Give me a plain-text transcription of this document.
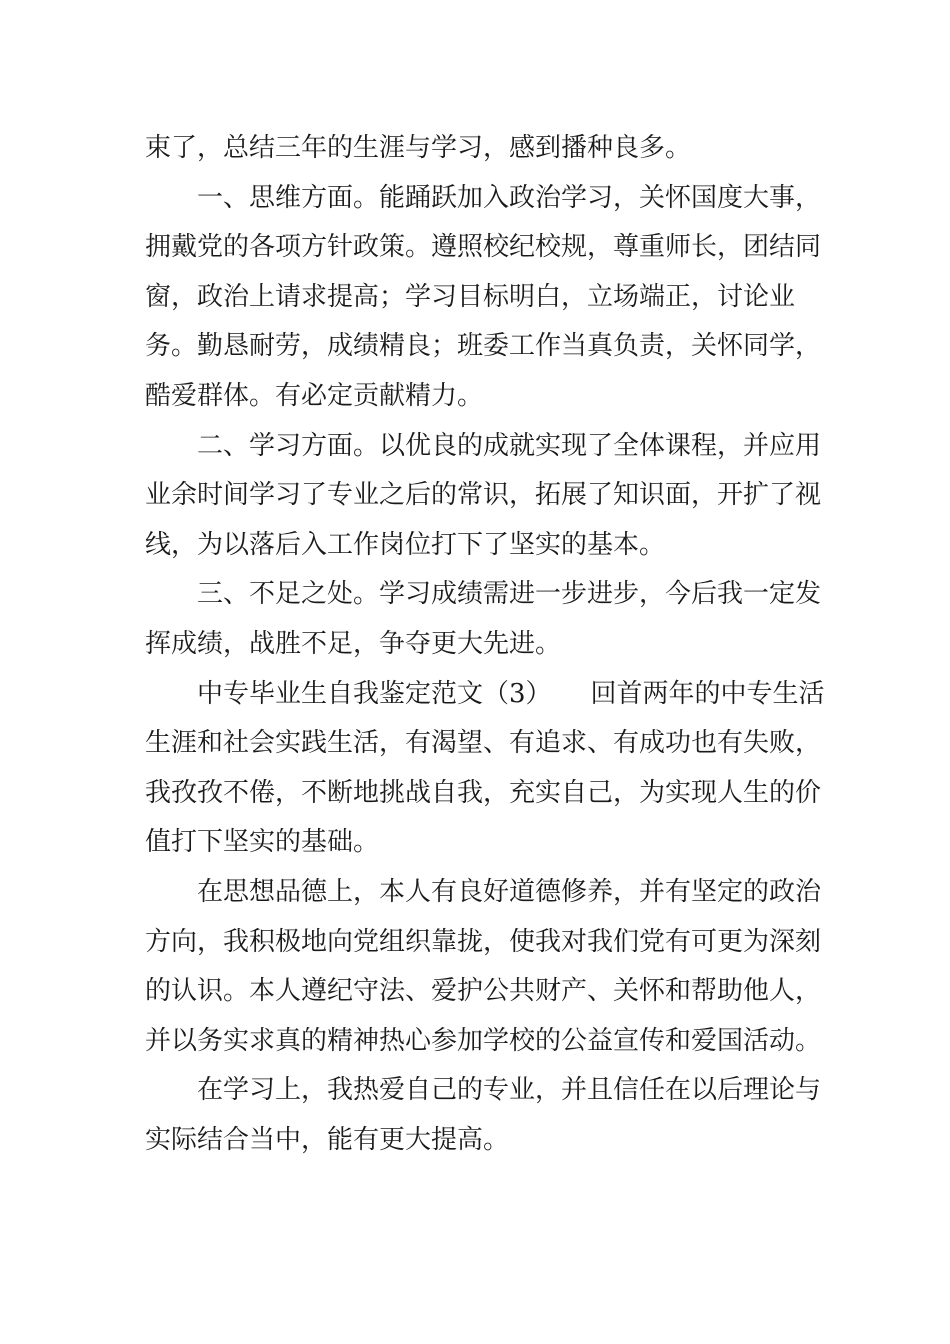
束了，总结三年的生涯与学习，感到播种良多。

一、思维方面。能踊跃加入政治学习，关怀国度大事，拥戴党的各项方针政策。遵照校纪校规，尊重师长，团结同窗，政治上请求提高；学习目标明白，立场端正，讨论业务。勤恳耐劳，成绩精良；班委工作当真负责，关怀同学，酷爱群体。有必定贡献精力。

二、学习方面。以优良的成就实现了全体课程，并应用业余时间学习了专业之后的常识，拓展了知识面，开扩了视线，为以落后入工作岗位打下了坚实的基本。

三、不足之处。学习成绩需进一步进步，今后我一定发挥成绩，战胜不足，争夺更大先进。

中专毕业生自我鉴定范文（3）　　回首两年的中专生活生涯和社会实践生活，有渴望、有追求、有成功也有失败，我孜孜不倦，不断地挑战自我，充实自己，为实现人生的价值打下坚实的基础。

在思想品德上，本人有良好道德修养，并有坚定的政治方向，我积极地向党组织靠拢，使我对我们党有可更为深刻的认识。本人遵纪守法、爱护公共财产、关怀和帮助他人，并以务实求真的精神热心参加学校的公益宣传和爱国活动。

在学习上，我热爱自己的专业，并且信任在以后理论与实际结合当中，能有更大提高。
